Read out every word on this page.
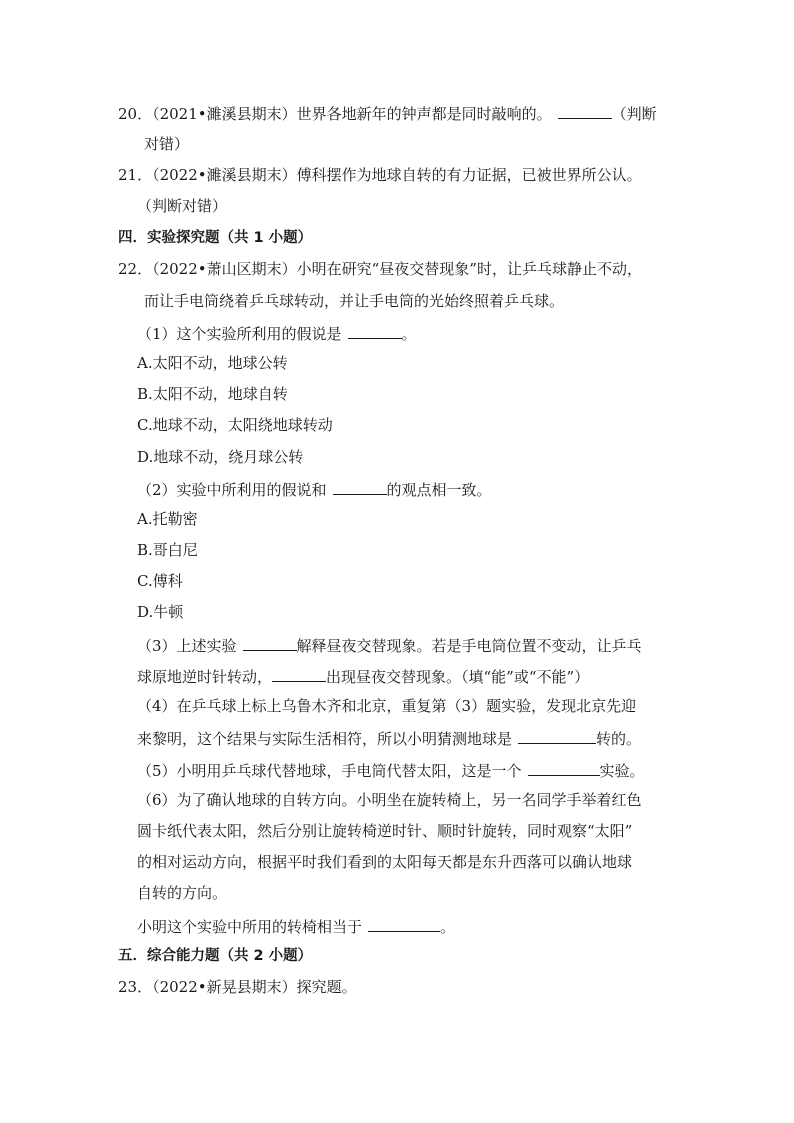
20．（2021•濉溪县期末）世界各地新年的钟声都是同时敲响的。	（判断
对错）
21．（2022•濉溪县期末）傅科摆作为地球自转的有力证据，已被世界所公认。
（判断对错）
四．实验探究题（共 1 小题）
22．（2022•萧山区期末）小明在研究“昼夜交替现象”时，让乒乓球静止不动，
而让手电筒绕着乒乓球转动，并让手电筒的光始终照着乒乓球。
（1）这个实验所利用的假说是	。
A.太阳不动，地球公转
B.太阳不动，地球自转
C.地球不动，太阳绕地球转动
D.地球不动，绕月球公转
（2）实验中所利用的假说和	的观点相一致。
A.托勒密
B.哥白尼
C.傅科
D.牛顿
（3）上述实验	解释昼夜交替现象。若是手电筒位置不变动，让乒乓
球原地逆时针转动，	出现昼夜交替现象。（填“能”或“不能”）
（4）在乒乓球上标上乌鲁木齐和北京，重复第（3）题实验，发现北京先迎
来黎明，这个结果与实际生活相符，所以小明猜测地球是	转的。
（5）小明用乒乓球代替地球，手电筒代替太阳，这是一个	实验。
（6）为了确认地球的自转方向。小明坐在旋转椅上，另一名同学手举着红色
圆卡纸代表太阳，然后分别让旋转椅逆时针、顺时针旋转，同时观察“太阳”
的相对运动方向，根据平时我们看到的太阳每天都是东升西落可以确认地球
自转的方向。
小明这个实验中所用的转椅相当于	。
五．综合能力题（共 2 小题）
23．（2022•新晃县期末）探究题。
